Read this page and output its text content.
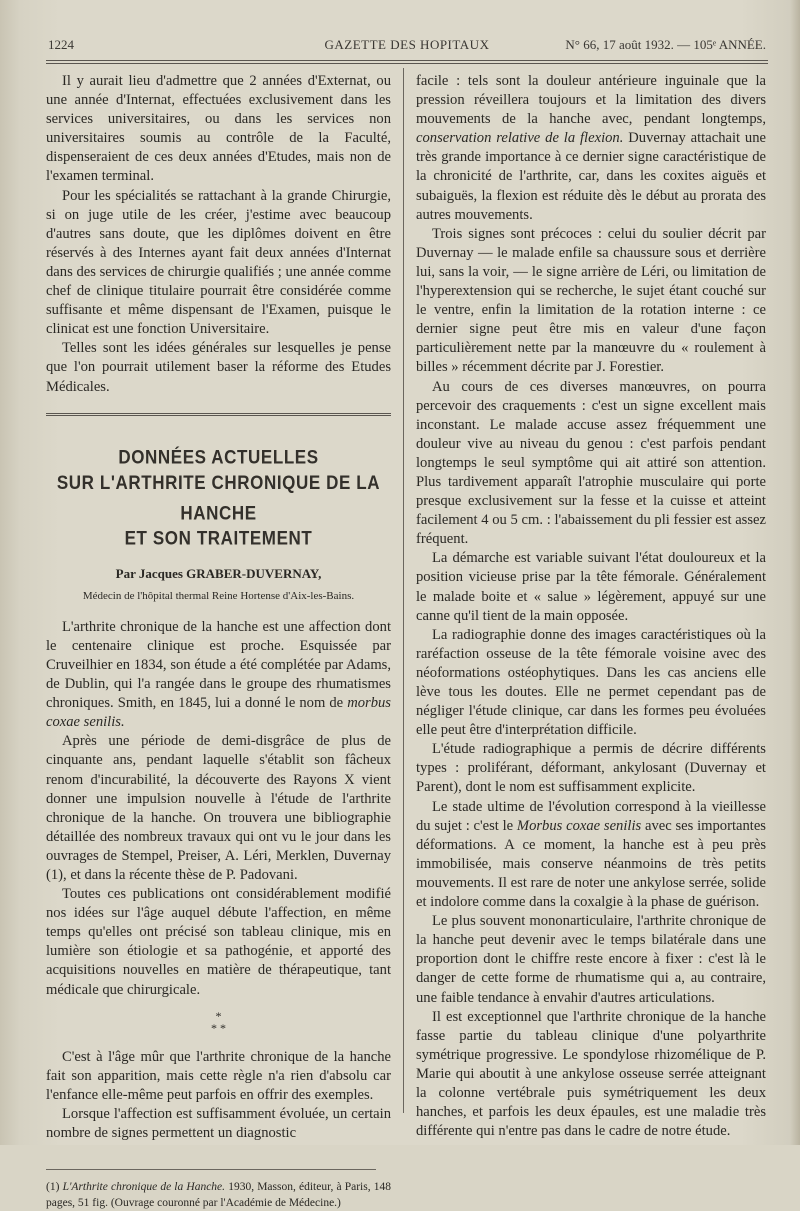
1224	GAZETTE DES HOPITAUX	N° 66, 17 août 1932. — 105ᵉ ANNÉE.

Il y aurait lieu d'admettre que 2 années d'Externat, ou une année d'Internat, effectuées exclusivement dans les services universitaires, ou dans les services non universitaires soumis au contrôle de la Faculté, dispenseraient de ces deux années d'Etudes, mais non de l'examen terminal.

Pour les spécialités se rattachant à la grande Chirurgie, si on juge utile de les créer, j'estime avec beaucoup d'autres sans doute, que les diplômes doivent en être réservés à des Internes ayant fait deux années d'Internat dans des services de chirurgie qualifiés ; une année comme chef de clinique titulaire pourrait être considérée comme suffisante et même dispensant de l'Examen, puisque le clinicat est une fonction Universitaire.

Telles sont les idées générales sur lesquelles je pense que l'on pourrait utilement baser la réforme des Etudes Médicales.

DONNÉES ACTUELLES
SUR L'ARTHRITE CHRONIQUE DE LA HANCHE
ET SON TRAITEMENT
Par Jacques GRABER-DUVERNAY,
Médecin de l'hôpital thermal Reine Hortense d'Aix-les-Bains.

L'arthrite chronique de la hanche est une affection dont le centenaire clinique est proche. Esquissée par Cruveilhier en 1834, son étude a été complétée par Adams, de Dublin, qui l'a rangée dans le groupe des rhumatismes chroniques. Smith, en 1845, lui a donné le nom de morbus coxae senilis.

Après une période de demi-disgrâce de plus de cinquante ans, pendant laquelle s'établit son fâcheux renom d'incurabilité, la découverte des Rayons X vient donner une impulsion nouvelle à l'étude de l'arthrite chronique de la hanche. On trouvera une bibliographie détaillée des nombreux travaux qui ont vu le jour dans les ouvrages de Stempel, Preiser, A. Léri, Merklen, Duvernay (1), et dans la récente thèse de P. Padovani.

Toutes ces publications ont considérablement modifié nos idées sur l'âge auquel débute l'affection, en même temps qu'elles ont précisé son tableau clinique, mis en lumière son étiologie et sa pathogénie, et apporté des acquisitions nouvelles en matière de thérapeutique, tant médicale que chirurgicale.

*
* *

C'est à l'âge mûr que l'arthrite chronique de la hanche fait son apparition, mais cette règle n'a rien d'absolu car l'enfance elle-même peut parfois en offrir des exemples.

Lorsque l'affection est suffisamment évoluée, un certain nombre de signes permettent un diagnostic

(1) L'Arthrite chronique de la Hanche. 1930, Masson, éditeur, à Paris, 148 pages, 51 fig. (Ouvrage couronné par l'Académie de Médecine.)

facile : tels sont la douleur antérieure inguinale que la pression réveillera toujours et la limitation des divers mouvements de la hanche avec, pendant longtemps, conservation relative de la flexion. Duvernay attachait une très grande importance à ce dernier signe caractéristique de la chronicité de l'arthrite, car, dans les coxites aiguës et subaiguës, la flexion est réduite dès le début au prorata des autres mouvements.

Trois signes sont précoces : celui du soulier décrit par Duvernay — le malade enfile sa chaussure sous et derrière lui, sans la voir, — le signe arrière de Léri, ou limitation de l'hyperextension qui se recherche, le sujet étant couché sur le ventre, enfin la limitation de la rotation interne : ce dernier signe peut être mis en valeur d'une façon particulièrement nette par la manœuvre du « roulement à billes » récemment décrite par J. Forestier.

Au cours de ces diverses manœuvres, on pourra percevoir des craquements : c'est un signe excellent mais inconstant. Le malade accuse assez fréquemment une douleur vive au niveau du genou : c'est parfois pendant longtemps le seul symptôme qui ait attiré son attention. Plus tardivement apparaît l'atrophie musculaire qui porte presque exclusivement sur la fesse et la cuisse et atteint facilement 4 ou 5 cm. : l'abaissement du pli fessier est assez fréquent.

La démarche est variable suivant l'état douloureux et la position vicieuse prise par la tête fémorale. Généralement le malade boite et « salue » légèrement, appuyé sur une canne qu'il tient de la main opposée.

La radiographie donne des images caractéristiques où la raréfaction osseuse de la tête fémorale voisine avec des néoformations ostéophytiques. Dans les cas anciens elle lève tous les doutes. Elle ne permet cependant pas de négliger l'étude clinique, car dans les formes peu évoluées elle peut être d'interprétation difficile.

L'étude radiographique a permis de décrire différents types : proliférant, déformant, ankylosant (Duvernay et Parent), dont le nom est suffisamment explicite.

Le stade ultime de l'évolution correspond à la vieillesse du sujet : c'est le Morbus coxae senilis avec ses importantes déformations. A ce moment, la hanche est à peu près immobilisée, mais conserve néanmoins de très petits mouvements. Il est rare de noter une ankylose serrée, solide et indolore comme dans la coxalgie à la phase de guérison.

Le plus souvent mononarticulaire, l'arthrite chronique de la hanche peut devenir avec le temps bilatérale dans une proportion dont le chiffre reste encore à fixer : c'est là le danger de cette forme de rhumatisme qui a, au contraire, une faible tendance à envahir d'autres articulations.

Il est exceptionnel que l'arthrite chronique de la hanche fasse partie du tableau clinique d'une polyarthrite symétrique progressive. Le spondylose rhizomélique de P. Marie qui aboutit à une ankylose osseuse serrée atteignant la colonne vertébrale puis symétriquement les deux hanches, et parfois les deux épaules, est une maladie très différente qui n'entre pas dans le cadre de notre étude.
